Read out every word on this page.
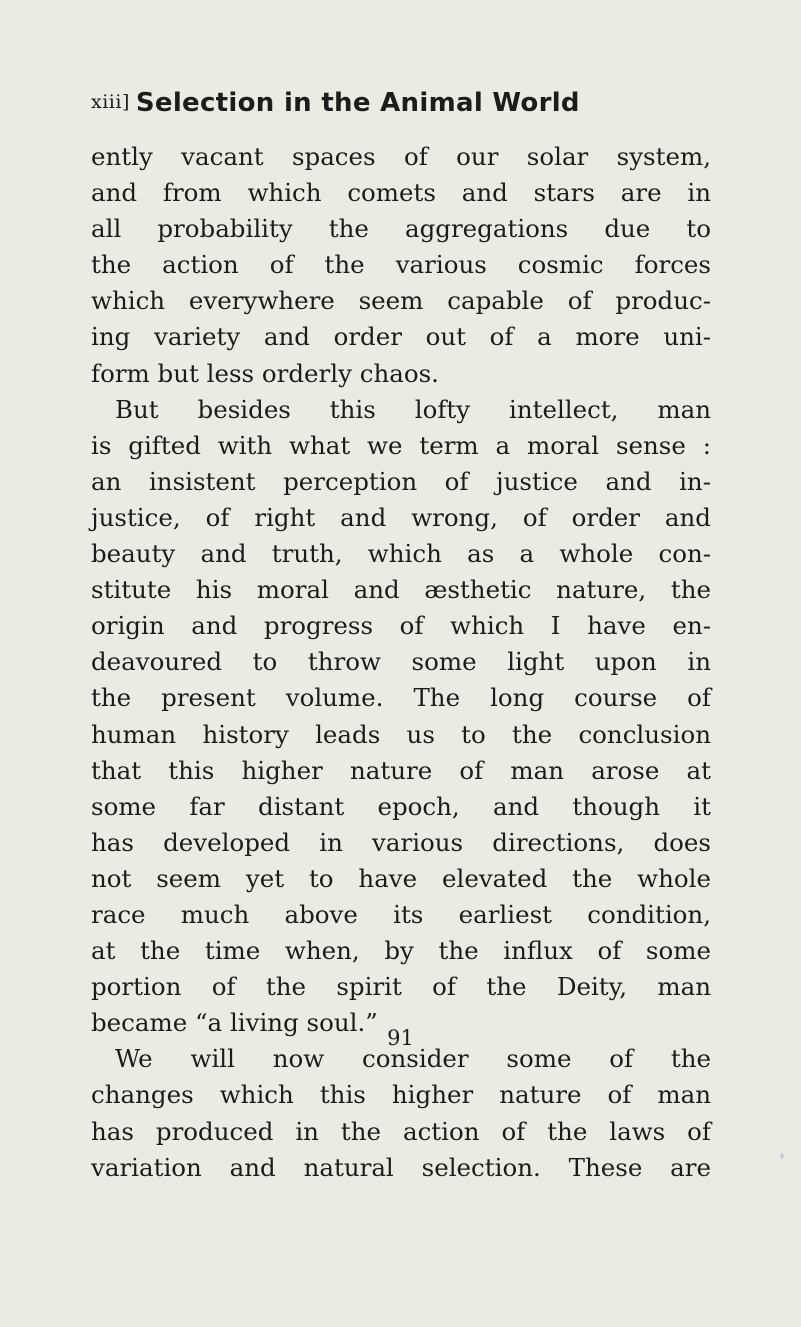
xiii] Selection in the Animal World
ently vacant spaces of our solar system,
and from which comets and stars are in
all probability the aggregations due to
the action of the various cosmic forces
which everywhere seem capable of produc-
ing variety and order out of a more uni-
form but less orderly chaos.
But besides this lofty intellect, man
is gifted with what we term a moral sense :
an insistent perception of justice and in-
justice, of right and wrong, of order and
beauty and truth, which as a whole con-
stitute his moral and æsthetic nature, the
origin and progress of which I have en-
deavoured to throw some light upon in
the present volume. The long course of
human history leads us to the conclusion
that this higher nature of man arose at
some far distant epoch, and though it
has developed in various directions, does
not seem yet to have elevated the whole
race much above its earliest condition,
at the time when, by the influx of some
portion of the spirit of the Deity, man
became “a living soul.”
We will now consider some of the
changes which this higher nature of man
has produced in the action of the laws of
variation and natural selection. These are
91
